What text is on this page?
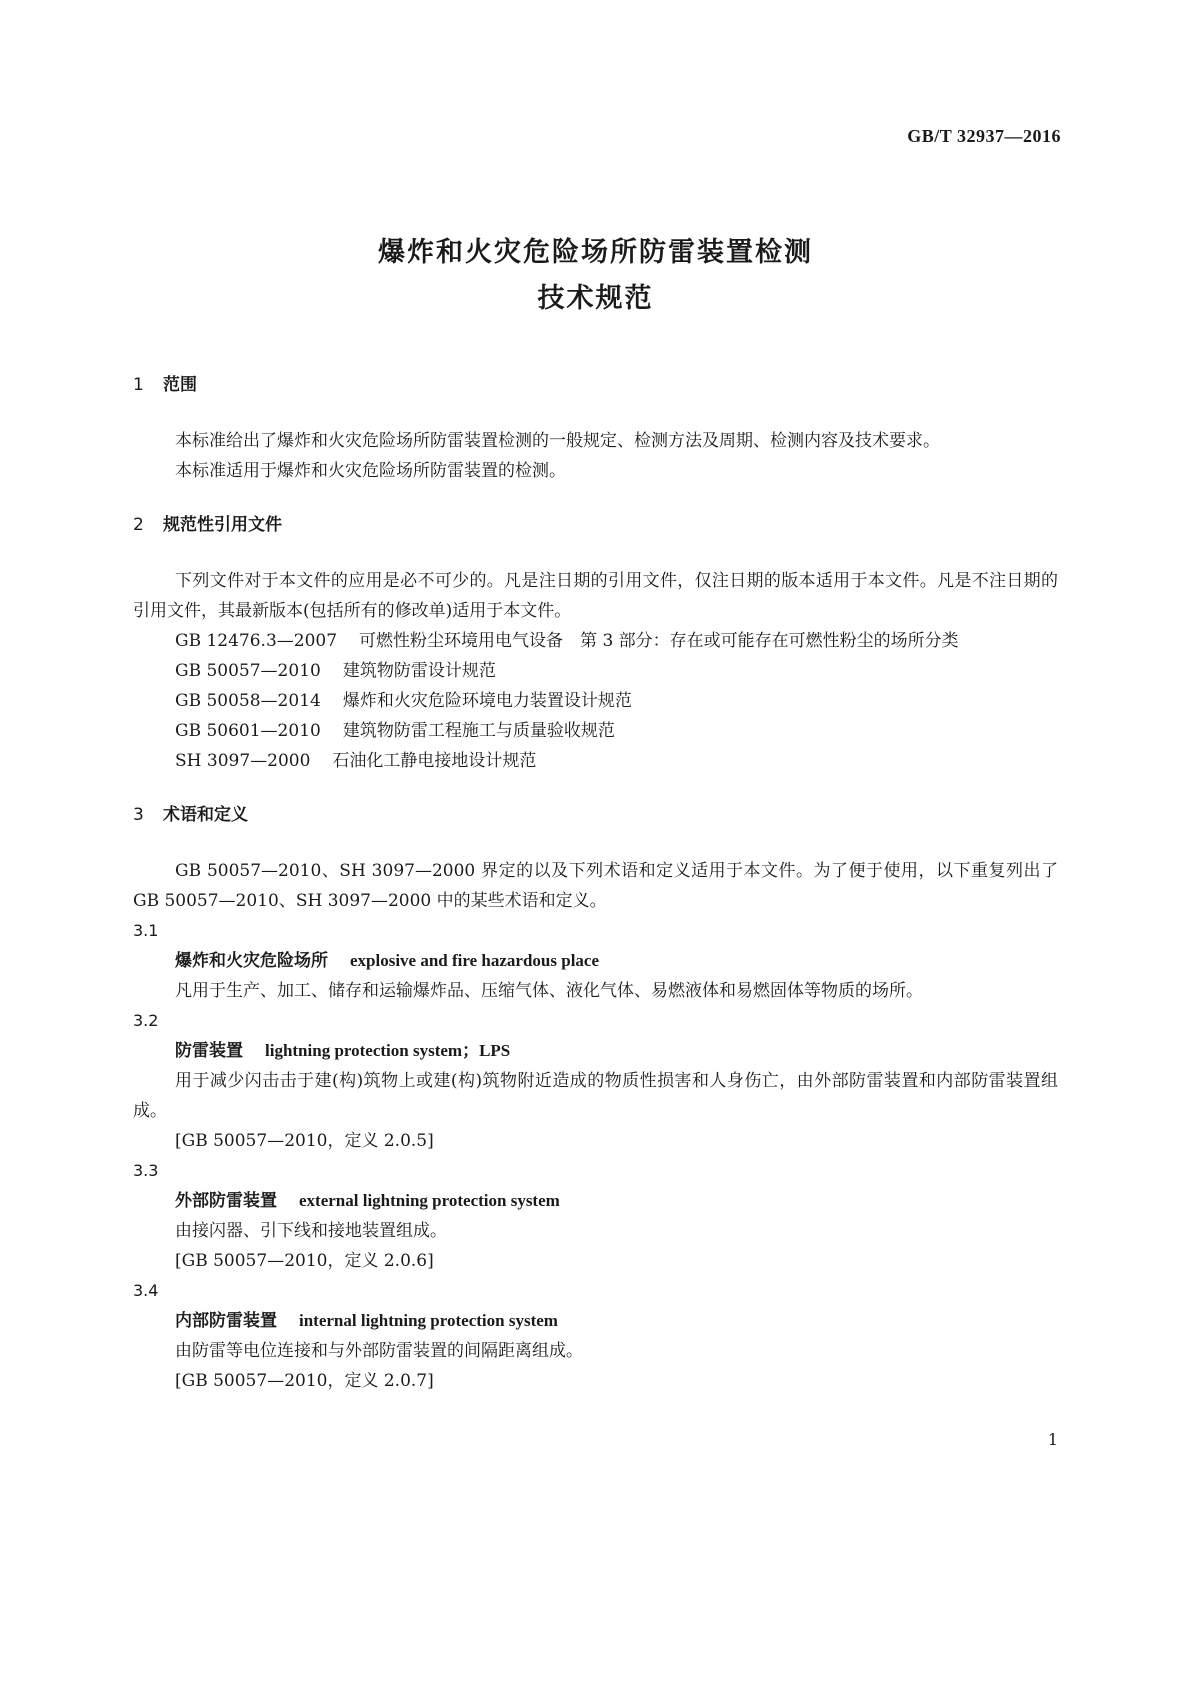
GB/T 32937—2016
爆炸和火灾危险场所防雷装置检测
技术规范
1 范围

本标准给出了爆炸和火灾危险场所防雷装置检测的一般规定、检测方法及周期、检测内容及技术要求。

本标准适用于爆炸和火灾危险场所防雷装置的检测。

2 规范性引用文件

下列文件对于本文件的应用是必不可少的。凡是注日期的引用文件，仅注日期的版本适用于本文件。凡是不注日期的引用文件，其最新版本(包括所有的修改单)适用于本文件。

GB 12476.3—2007 可燃性粉尘环境用电气设备　第 3 部分：存在或可能存在可燃性粉尘的场所分类

GB 50057—2010 建筑物防雷设计规范

GB 50058—2014 爆炸和火灾危险环境电力装置设计规范

GB 50601—2010 建筑物防雷工程施工与质量验收规范

SH 3097—2000 石油化工静电接地设计规范

3 术语和定义

GB 50057—2010、SH 3097—2000 界定的以及下列术语和定义适用于本文件。为了便于使用，以下重复列出了 GB 50057—2010、SH 3097—2000 中的某些术语和定义。

3.1
爆炸和火灾危险场所 explosive and fire hazardous place

凡用于生产、加工、储存和运输爆炸品、压缩气体、液化气体、易燃液体和易燃固体等物质的场所。

3.2
防雷装置 lightning protection system；LPS

用于减少闪击击于建(构)筑物上或建(构)筑物附近造成的物质性损害和人身伤亡，由外部防雷装置和内部防雷装置组成。

[GB 50057—2010，定义 2.0.5]
3.3
外部防雷装置 external lightning protection system

由接闪器、引下线和接地装置组成。

[GB 50057—2010，定义 2.0.6]
3.4
内部防雷装置 internal lightning protection system

由防雷等电位连接和与外部防雷装置的间隔距离组成。

[GB 50057—2010，定义 2.0.7]
1
